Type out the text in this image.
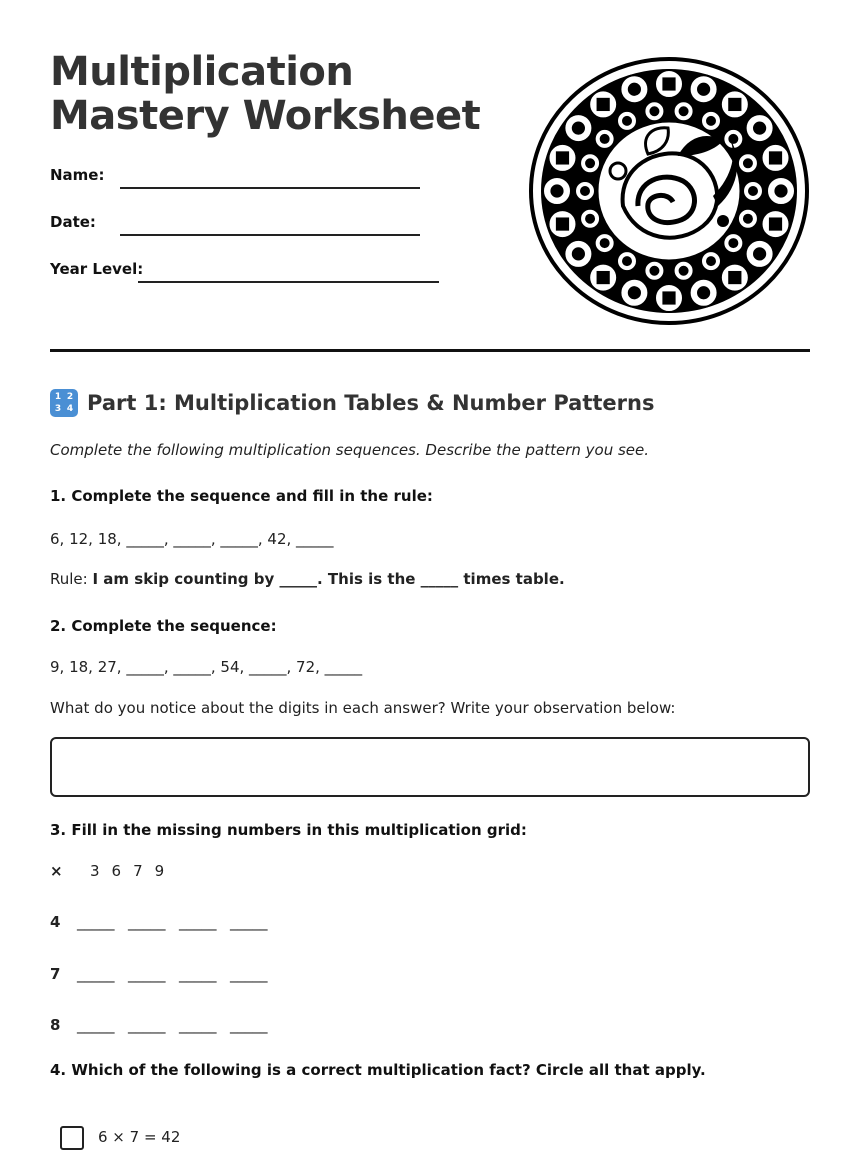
Multiplication Mastery Worksheet
Name:
Date:
Year Level:
1 2
3 4 Part 1: Multiplication Tables & Number Patterns
Complete the following multiplication sequences. Describe the pattern you see.
1. Complete the sequence and fill in the rule:
6, 12, 18, _____, _____, _____, 42, _____
Rule: I am skip counting by _____. This is the _____ times table.
2. Complete the sequence:
9, 18, 27, _____, _____, 54, _____, 72, _____
What do you notice about the digits in each answer? Write your observation below:
3. Fill in the missing numbers in this multiplication grid:
×	3 6 7 9
4	_____ _____ _____ _____
7	_____ _____ _____ _____
8	_____ _____ _____ _____
4. Which of the following is a correct multiplication fact? Circle all that apply.
6 × 7 = 42
